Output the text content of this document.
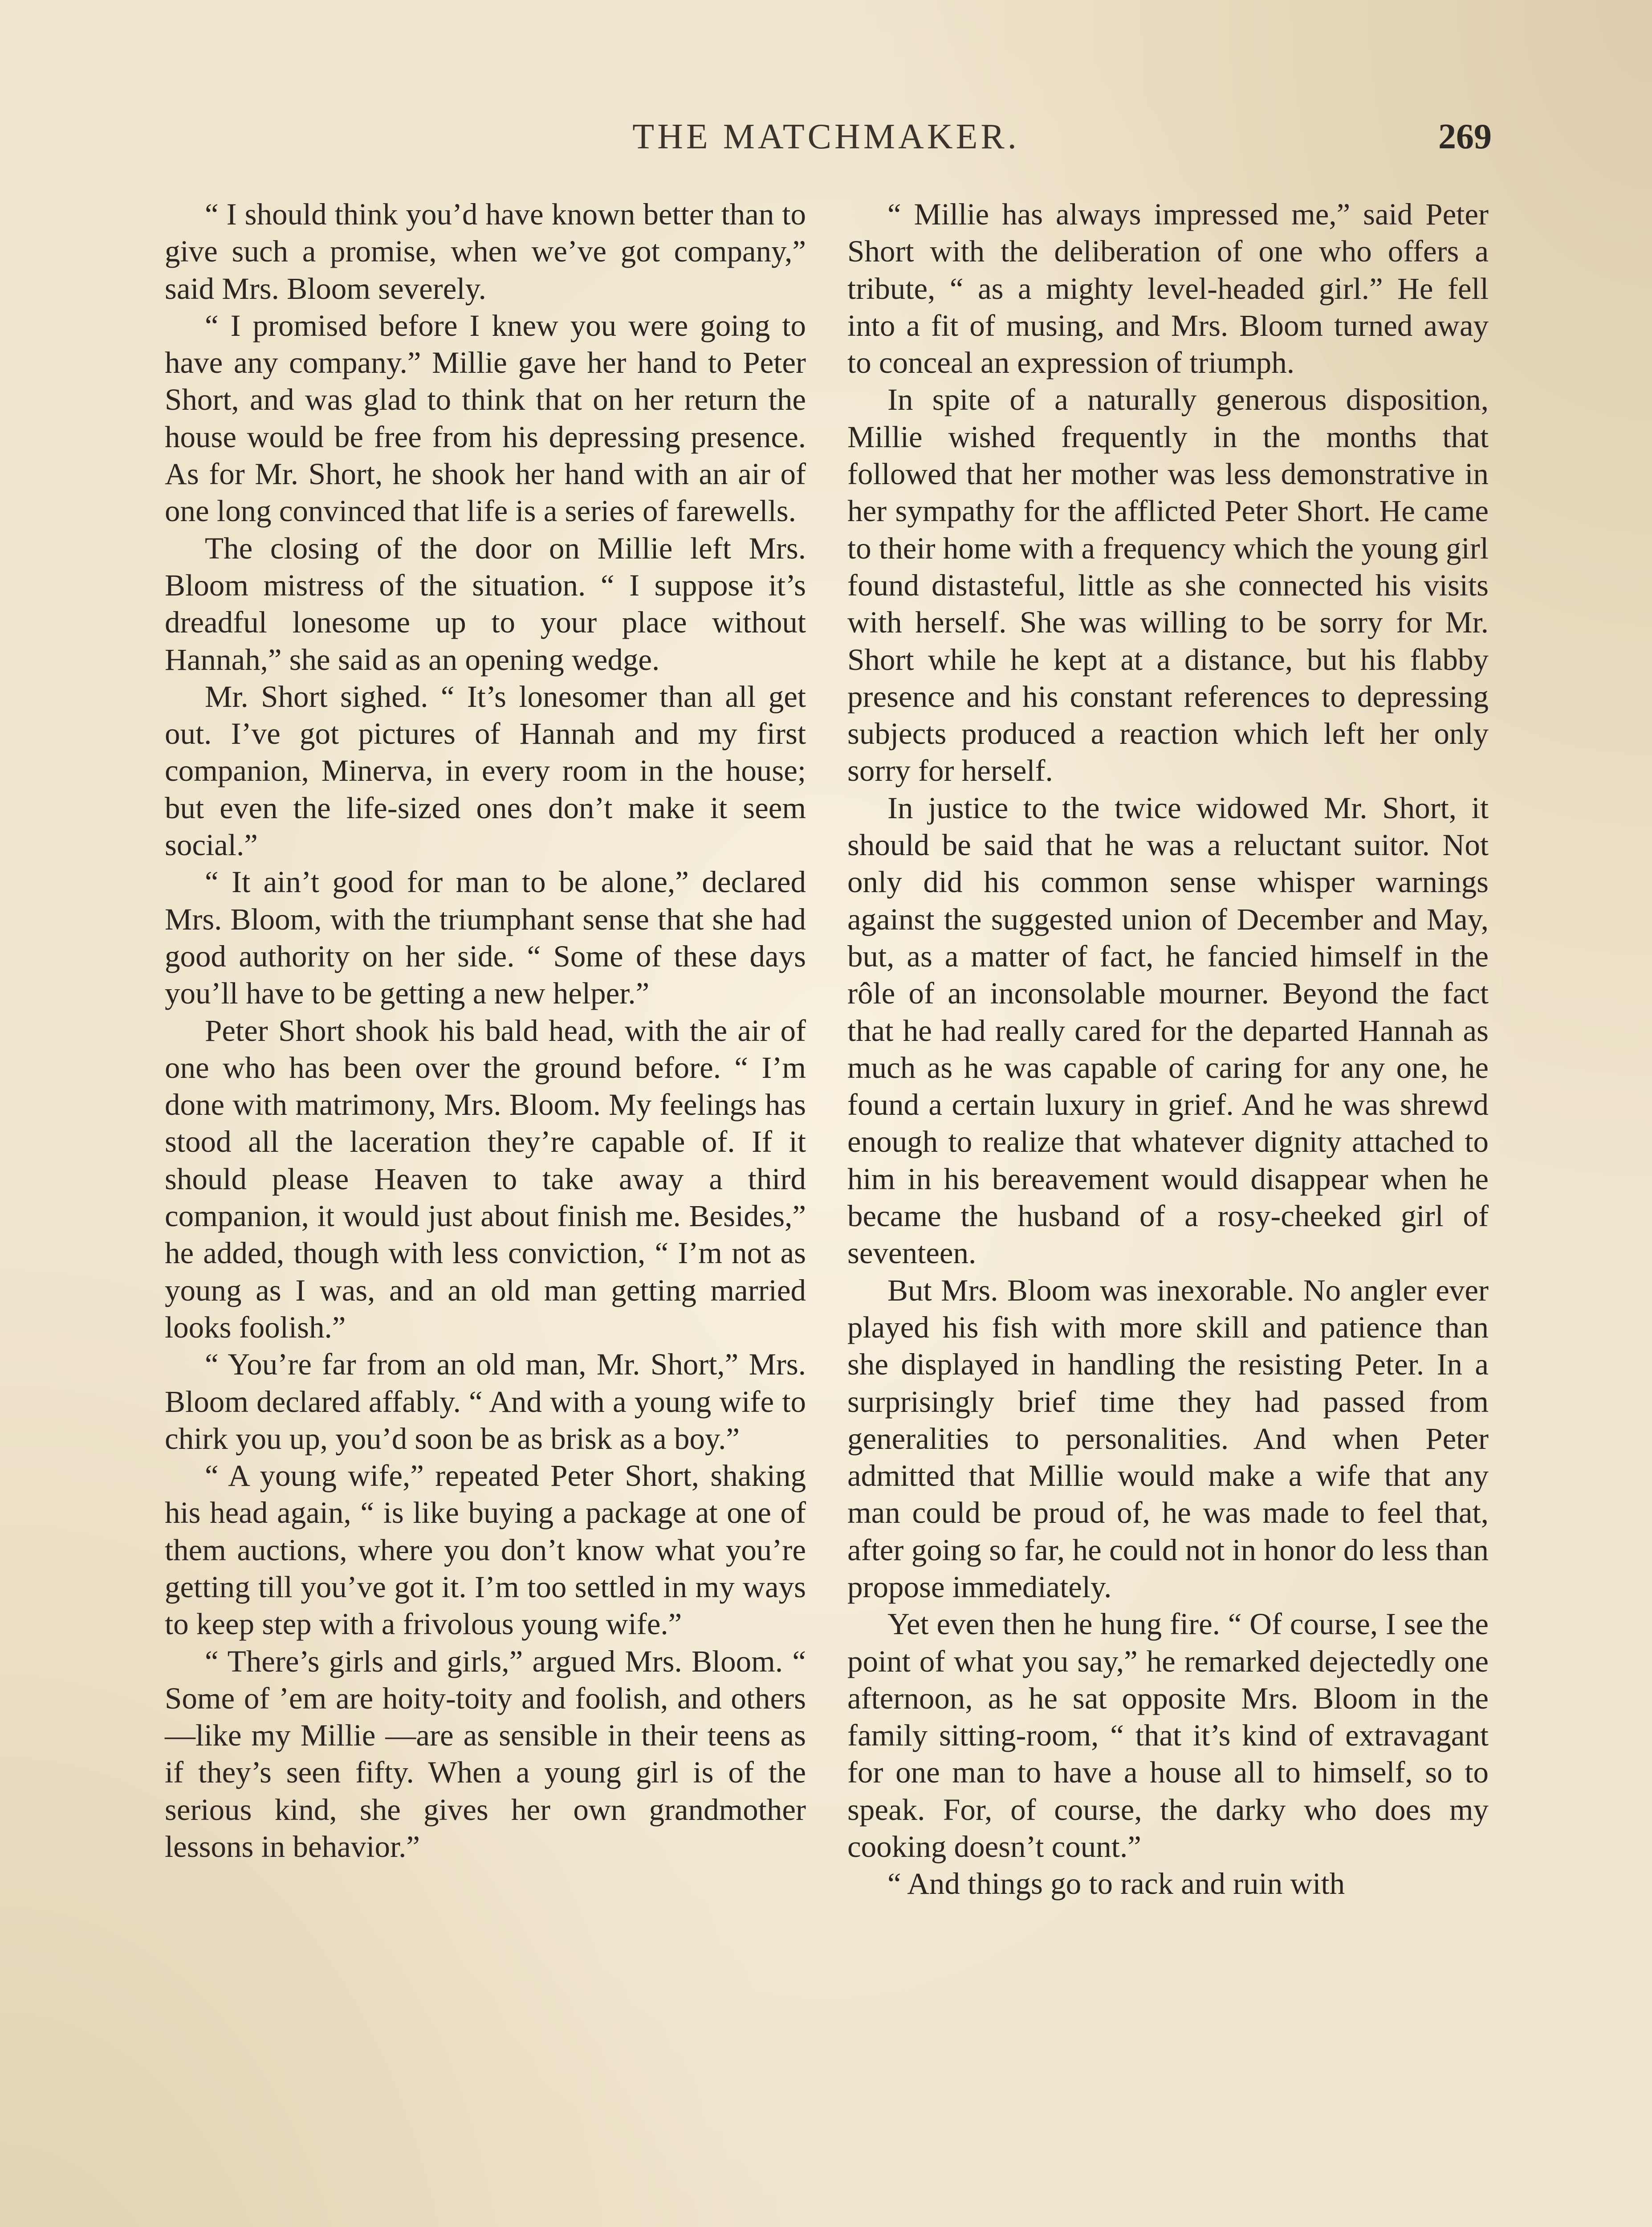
THE MATCHMAKER.	269

“ I should think you’d have known better than to give such a promise, when we’ve got company,” said Mrs. Bloom severely.

“ I promised before I knew you were going to have any company.” Millie gave her hand to Peter Short, and was glad to think that on her return the house would be free from his depressing presence. As for Mr. Short, he shook her hand with an air of one long convinced that life is a series of farewells.

The closing of the door on Millie left Mrs. Bloom mistress of the situation. “ I suppose it’s dreadful lonesome up to your place without Hannah,” she said as an opening wedge.

Mr. Short sighed. “ It’s lonesomer than all get out. I’ve got pictures of Hannah and my first companion, Minerva, in every room in the house; but even the life-sized ones don’t make it seem social.”

“ It ain’t good for man to be alone,” declared Mrs. Bloom, with the triumphant sense that she had good authority on her side. “ Some of these days you’ll have to be getting a new helper.”

Peter Short shook his bald head, with the air of one who has been over the ground before. “ I’m done with matrimony, Mrs. Bloom. My feelings has stood all the laceration they’re capable of. If it should please Heaven to take away a third companion, it would just about finish me. Besides,” he added, though with less conviction, “ I’m not as young as I was, and an old man getting married looks foolish.”

“ You’re far from an old man, Mr. Short,” Mrs. Bloom declared affably. “ And with a young wife to chirk you up, you’d soon be as brisk as a boy.”

“ A young wife,” repeated Peter Short, shaking his head again, “ is like buying a package at one of them auctions, where you don’t know what you’re getting till you’ve got it. I’m too settled in my ways to keep step with a frivolous young wife.”

“ There’s girls and girls,” argued Mrs. Bloom. “ Some of ’em are hoity-toity and foolish, and others—like my Millie —are as sensible in their teens as if they’s seen fifty. When a young girl is of the serious kind, she gives her own grandmother lessons in behavior.”

“ Millie has always impressed me,” said Peter Short with the deliberation of one who offers a tribute, “ as a mighty level-headed girl.” He fell into a fit of musing, and Mrs. Bloom turned away to conceal an expression of triumph.

In spite of a naturally generous disposition, Millie wished frequently in the months that followed that her mother was less demonstrative in her sympathy for the afflicted Peter Short. He came to their home with a frequency which the young girl found distasteful, little as she connected his visits with herself. She was willing to be sorry for Mr. Short while he kept at a distance, but his flabby presence and his constant references to depressing subjects produced a reaction which left her only sorry for herself.

In justice to the twice widowed Mr. Short, it should be said that he was a reluctant suitor. Not only did his common sense whisper warnings against the suggested union of December and May, but, as a matter of fact, he fancied himself in the rôle of an inconsolable mourner. Beyond the fact that he had really cared for the departed Hannah as much as he was capable of caring for any one, he found a certain luxury in grief. And he was shrewd enough to realize that whatever dignity attached to him in his bereavement would disappear when he became the husband of a rosy-cheeked girl of seventeen.

But Mrs. Bloom was inexorable. No angler ever played his fish with more skill and patience than she displayed in handling the resisting Peter. In a surprisingly brief time they had passed from generalities to personalities. And when Peter admitted that Millie would make a wife that any man could be proud of, he was made to feel that, after going so far, he could not in honor do less than propose immediately.

Yet even then he hung fire. “ Of course, I see the point of what you say,” he remarked dejectedly one afternoon, as he sat opposite Mrs. Bloom in the family sitting-room, “ that it’s kind of extravagant for one man to have a house all to himself, so to speak. For, of course, the darky who does my cooking doesn’t count.”

“ And things go to rack and ruin with
